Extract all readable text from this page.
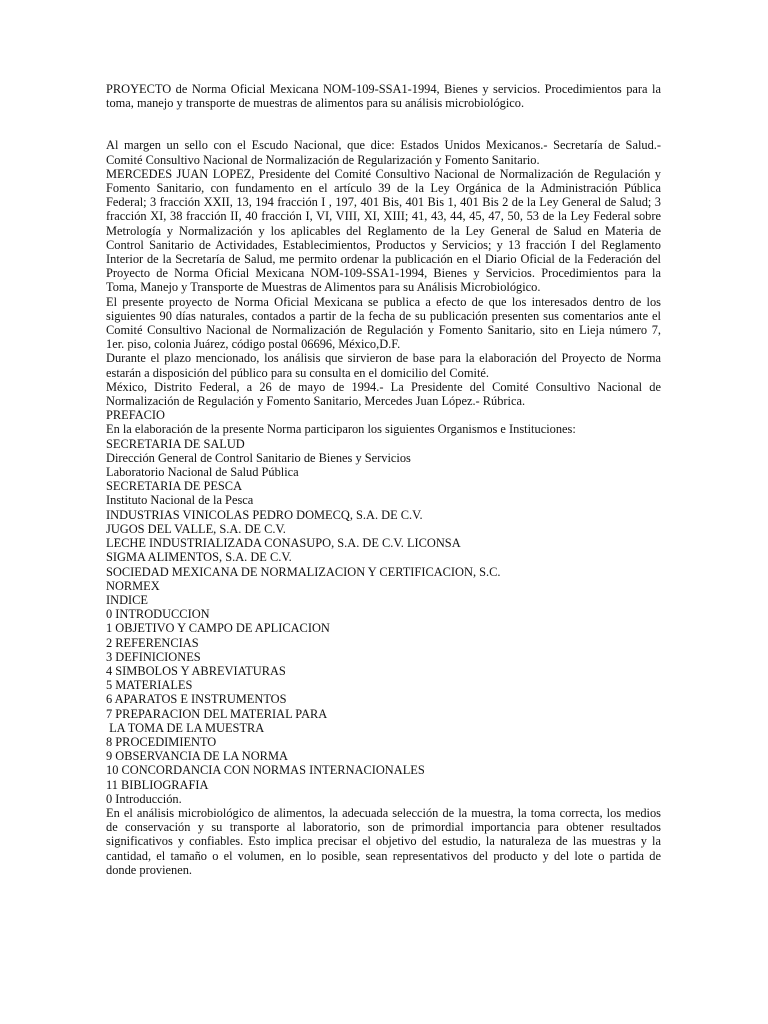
PROYECTO de Norma Oficial Mexicana NOM-109-SSA1-1994, Bienes y servicios. Procedimientos para la
toma, manejo y transporte de muestras de alimentos para su análisis microbiológico.
Al margen un sello con el Escudo Nacional, que dice: Estados Unidos Mexicanos.- Secretaría de Salud.-
Comité Consultivo Nacional de Normalización de Regularización y Fomento Sanitario.
MERCEDES JUAN LOPEZ, Presidente del Comité Consultivo Nacional de Normalización de Regulación y
Fomento Sanitario, con fundamento en el artículo 39 de la Ley Orgánica de la Administración Pública
Federal; 3 fracción XXII, 13, 194 fracción I , 197, 401 Bis, 401 Bis 1, 401 Bis 2 de la Ley General de Salud; 3
fracción XI, 38 fracción II, 40 fracción I, VI, VIII, XI, XIII; 41, 43, 44, 45, 47, 50, 53 de la Ley Federal sobre
Metrología y Normalización y los aplicables del Reglamento de la Ley General de Salud en Materia de
Control Sanitario de Actividades, Establecimientos, Productos y Servicios; y 13 fracción I del Reglamento
Interior de la Secretaría de Salud, me permito ordenar la publicación en el Diario Oficial de la Federación del
Proyecto de Norma Oficial Mexicana NOM-109-SSA1-1994, Bienes y Servicios. Procedimientos para la
Toma, Manejo y Transporte de Muestras de Alimentos para su Análisis Microbiológico.
El presente proyecto de Norma Oficial Mexicana se publica a efecto de que los interesados dentro de los
siguientes 90 días naturales, contados a partir de la fecha de su publicación presenten sus comentarios ante el
Comité Consultivo Nacional de Normalización de Regulación y Fomento Sanitario, sito en Lieja número 7,
1er. piso, colonia Juárez, código postal 06696, México,D.F.
Durante el plazo mencionado, los análisis que sirvieron de base para la elaboración del Proyecto de Norma
estarán a disposición del público para su consulta en el domicilio del Comité.
México, Distrito Federal, a 26 de mayo de 1994.- La Presidente del Comité Consultivo Nacional de
Normalización de Regulación y Fomento Sanitario, Mercedes Juan López.- Rúbrica.
PREFACIO
En la elaboración de la presente Norma participaron los siguientes Organismos e Instituciones:
SECRETARIA DE SALUD
Dirección General de Control Sanitario de Bienes y Servicios
Laboratorio Nacional de Salud Pública
SECRETARIA DE PESCA
Instituto Nacional de la Pesca
INDUSTRIAS VINICOLAS PEDRO DOMECQ, S.A. DE C.V.
JUGOS DEL VALLE, S.A. DE C.V.
LECHE INDUSTRIALIZADA CONASUPO, S.A. DE C.V. LICONSA
SIGMA ALIMENTOS, S.A. DE C.V.
SOCIEDAD MEXICANA DE NORMALIZACION Y CERTIFICACION, S.C.
NORMEX
INDICE
0 INTRODUCCION
1 OBJETIVO Y CAMPO DE APLICACION
2 REFERENCIAS
3 DEFINICIONES
4 SIMBOLOS Y ABREVIATURAS
5 MATERIALES
6 APARATOS E INSTRUMENTOS
7 PREPARACION DEL MATERIAL PARA
LA TOMA DE LA MUESTRA
8 PROCEDIMIENTO
9 OBSERVANCIA DE LA NORMA
10 CONCORDANCIA CON NORMAS INTERNACIONALES
11 BIBLIOGRAFIA
0 Introducción.
En el análisis microbiológico de alimentos, la adecuada selección de la muestra, la toma correcta, los medios
de conservación y su transporte al laboratorio, son de primordial importancia para obtener resultados
significativos y confiables. Esto implica precisar el objetivo del estudio, la naturaleza de las muestras y la
cantidad, el tamaño o el volumen, en lo posible, sean representativos del producto y del lote o partida de
donde provienen.
